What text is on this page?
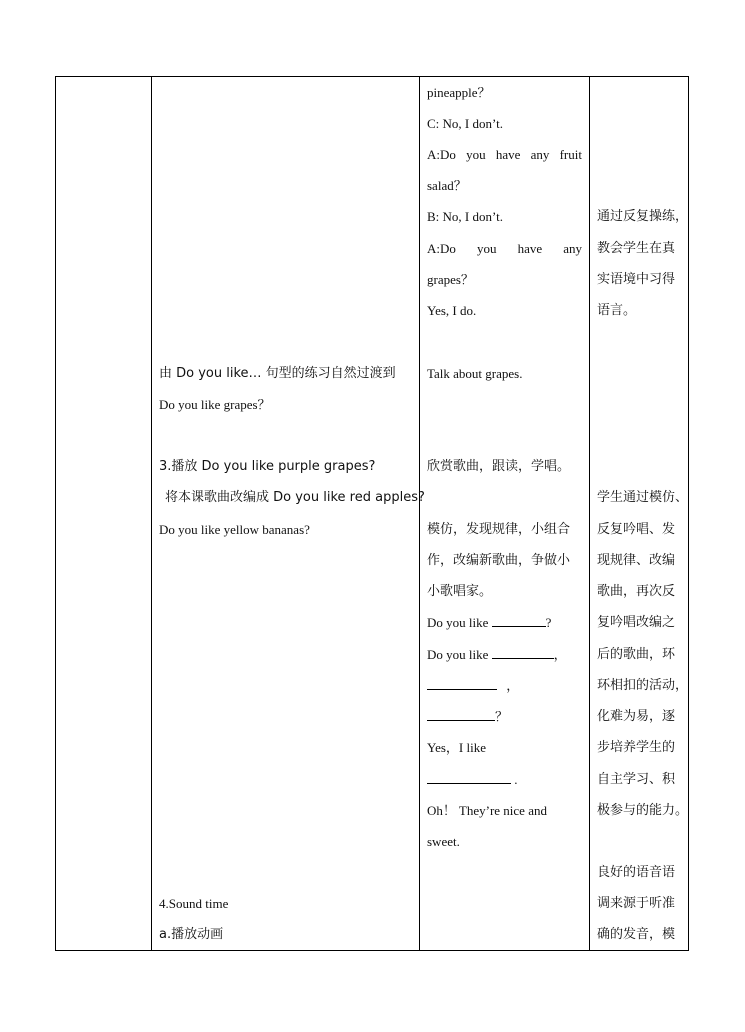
pineapple？
C: No, I don’t.
A:Do you have any fruit
salad？
B: No, I don’t.
A:Do you have any
grapes？
Yes, I do.
Talk about grapes.
欣赏歌曲，跟读，学唱。
模仿，发现规律，小组合
作，改编新歌曲，争做小
小歌唱家。
Do you like	?
Do you like	，
，
？
Yes，I like
.
Oh！ They’re nice and
sweet.
由 Do you like… 句型的练习自然过渡到
Do you like grapes？
3.播放 Do you like purple grapes?
将本课歌曲改编成 Do you like red apples?
Do you like yellow bananas?
4.Sound time
a.播放动画
通过反复操练，
教会学生在真
实语境中习得
语言。
学生通过模仿、
反复吟唱、发
现规律、改编
歌曲，再次反
复吟唱改编之
后的歌曲，环
环相扣的活动，
化难为易，逐
步培养学生的
自主学习、积
极参与的能力。
良好的语音语
调来源于听准
确的发音，模
